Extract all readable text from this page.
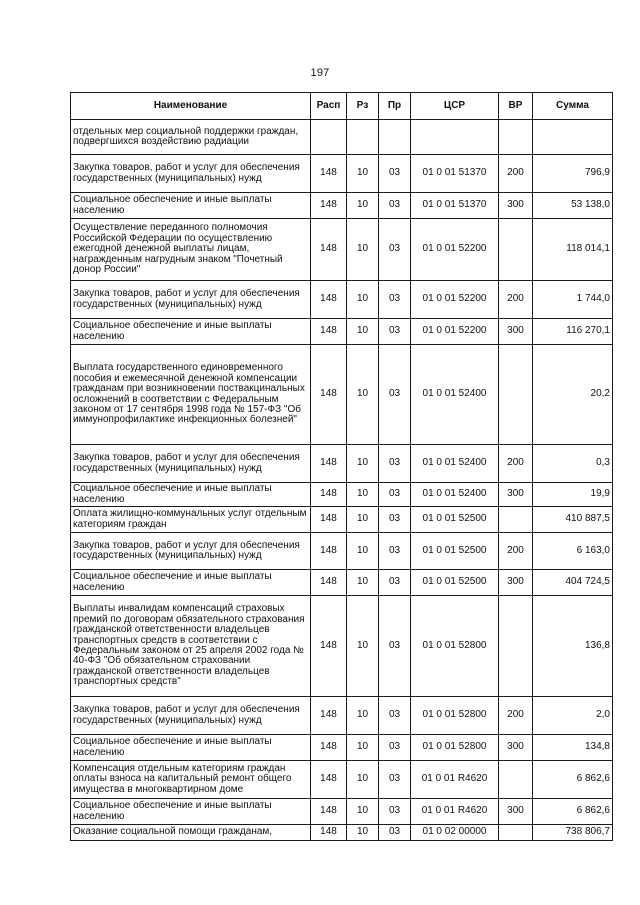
197
Наименование	Расп	Рз	Пр	ЦСР	ВР	Сумма
отдельных мер социальной поддержки граждан, подвергшихся воздействию радиации						
Закупка товаров, работ и услуг для обеспечения государственных (муниципальных) нужд	148	10	03	01 0 01 51370	200	796,9
Социальное обеспечение и иные выплаты населению	148	10	03	01 0 01 51370	300	53 138,0
Осуществление переданного полномочия Российской Федерации по осуществлению ежегодной денежной выплаты лицам, награжденным нагрудным знаком "Почетный донор России"	148	10	03	01 0 01 52200		118 014,1
Закупка товаров, работ и услуг для обеспечения государственных (муниципальных) нужд	148	10	03	01 0 01 52200	200	1 744,0
Социальное обеспечение и иные выплаты населению	148	10	03	01 0 01 52200	300	116 270,1
Выплата государственного единовременного пособия и ежемесячной денежной компенсации гражданам при возникновении поствакцинальных осложнений в соответствии с Федеральным законом от 17 сентября 1998 года № 157-ФЗ "Об иммунопрофилактике инфекционных болезней"	148	10	03	01 0 01 52400		20,2
Закупка товаров, работ и услуг для обеспечения государственных (муниципальных) нужд	148	10	03	01 0 01 52400	200	0,3
Социальное обеспечение и иные выплаты населению	148	10	03	01 0 01 52400	300	19,9
Оплата жилищно-коммунальных услуг отдельным категориям граждан	148	10	03	01 0 01 52500		410 887,5
Закупка товаров, работ и услуг для обеспечения государственных (муниципальных) нужд	148	10	03	01 0 01 52500	200	6 163,0
Социальное обеспечение и иные выплаты населению	148	10	03	01 0 01 52500	300	404 724,5
Выплаты инвалидам компенсаций страховых премий по договорам обязательного страхования гражданской ответственности владельцев транспортных средств в соответствии с Федеральным законом от 25 апреля 2002 года № 40-ФЗ "Об обязательном страховании гражданской ответственности владельцев транспортных средств"	148	10	03	01 0 01 52800		136,8
Закупка товаров, работ и услуг для обеспечения государственных (муниципальных) нужд	148	10	03	01 0 01 52800	200	2,0
Социальное обеспечение и иные выплаты населению	148	10	03	01 0 01 52800	300	134,8
Компенсация отдельным категориям граждан оплаты взноса на капитальный ремонт общего имущества в многоквартирном доме	148	10	03	01 0 01 R4620		6 862,6
Социальное обеспечение и иные выплаты населению	148	10	03	01 0 01 R4620	300	6 862,6
Оказание социальной помощи гражданам,	148	10	03	01 0 02 00000		738 806,7
